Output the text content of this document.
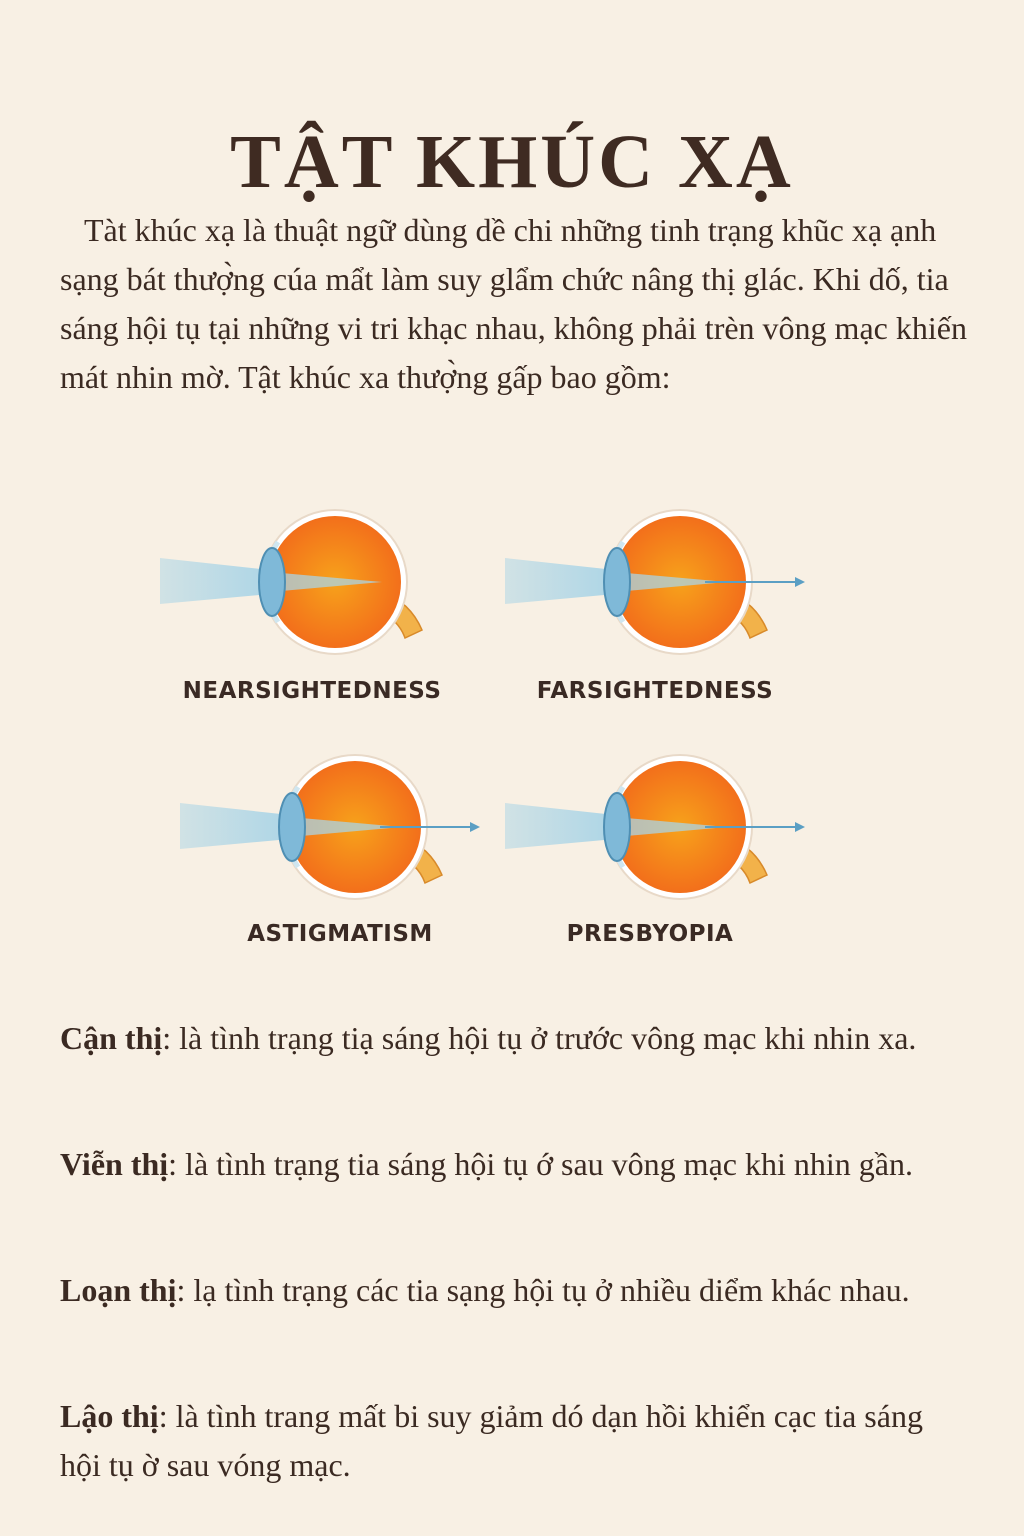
TẬT KHÚC XẠ

Tàt khúc xạ là thuật ngữ dùng dề chi những tinh trạng khũc xạ ạnh sạng bát thượ̀ng cúa mẩt làm suy glẩm chức nâng thị glác. Khi dố, tia sáng hội tụ tại những vi tri khạc nhau, không phải trèn vông mạc khiến mát nhin mờ. Tật khúc xa thượ̀ng gấp bao gồm:

NEARSIGHTEDNESS	FARSIGHTEDNESS
ASTIGMATISM	PRESBYOPIA

Cận thị: là tình trạng tiạ sáng hội tụ ở trước vông mạc khi nhin xa.

Viễn thị: là tình trạng tia sáng hội tụ ớ sau vông mạc khi nhin gần.

Loạn thị: lạ tình trạng các tia sạng hội tụ ở nhiều diểm khác nhau.

Lậo thị: là tình trang mất bi suy giảm dó dạn hồi khiển cạc tia sáng hội tụ ờ sau vóng mạc.
